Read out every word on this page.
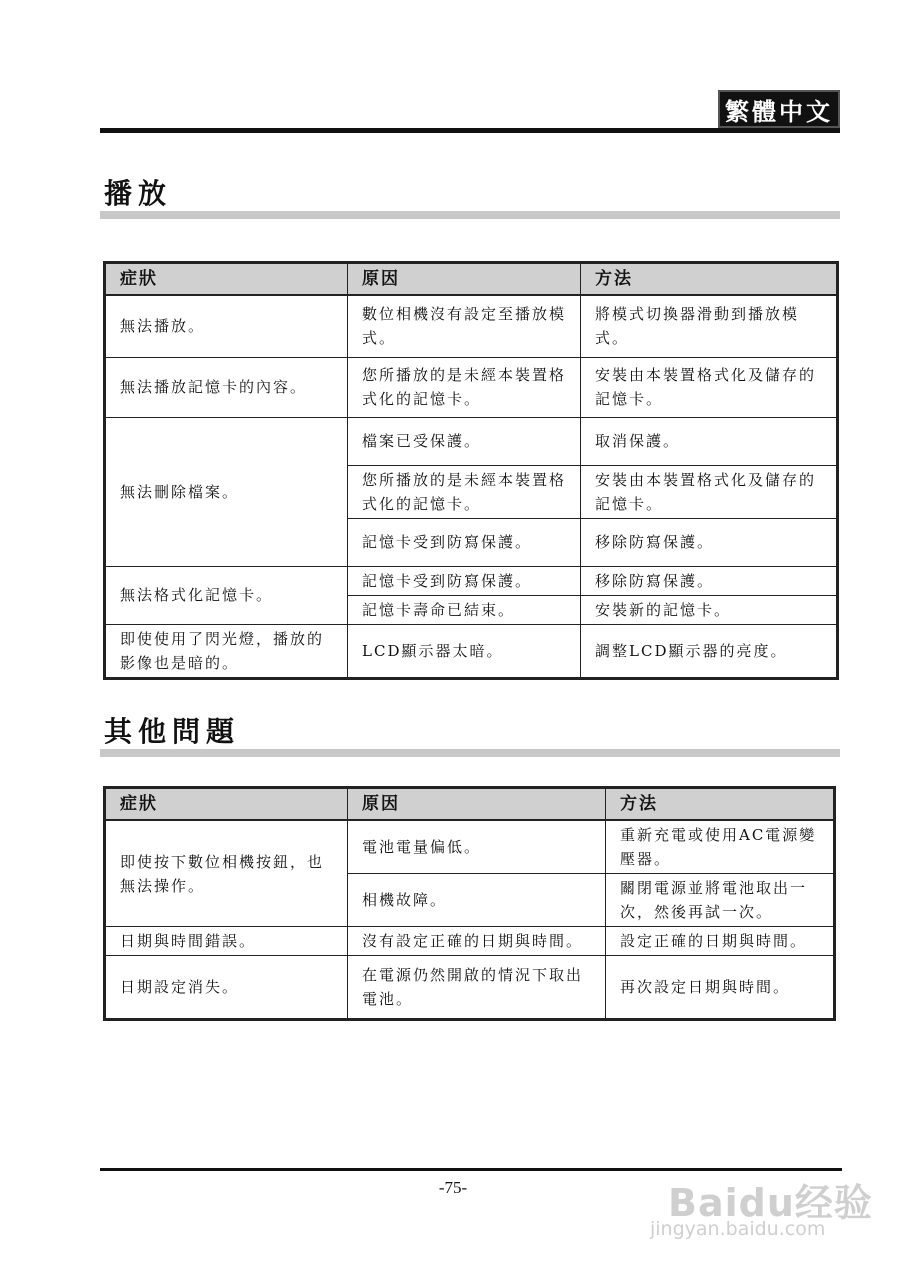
繁體中文
播放
症狀	原因	方法
無法播放。	數位相機沒有設定至播放模式。	將模式切換器滑動到播放模式。
無法播放記憶卡的內容。	您所播放的是未經本裝置格式化的記憶卡。	安裝由本裝置格式化及儲存的記憶卡。
無法刪除檔案。	檔案已受保護。	取消保護。
	您所播放的是未經本裝置格式化的記憶卡。	安裝由本裝置格式化及儲存的記憶卡。
	記憶卡受到防寫保護。	移除防寫保護。
無法格式化記憶卡。	記憶卡受到防寫保護。	移除防寫保護。
	記憶卡壽命已結束。	安裝新的記憶卡。
即使使用了閃光燈，播放的影像也是暗的。	LCD顯示器太暗。	調整LCD顯示器的亮度。
其他問題
症狀	原因	方法
即使按下數位相機按鈕，也無法操作。	電池電量偏低。	重新充電或使用AC電源變壓器。
	相機故障。	關閉電源並將電池取出一次，然後再試一次。
日期與時間錯誤。	沒有設定正確的日期與時間。	設定正確的日期與時間。
日期設定消失。	在電源仍然開啟的情況下取出電池。	再次設定日期與時間。
-75-	Baidu经验
jingyan.baidu.com
